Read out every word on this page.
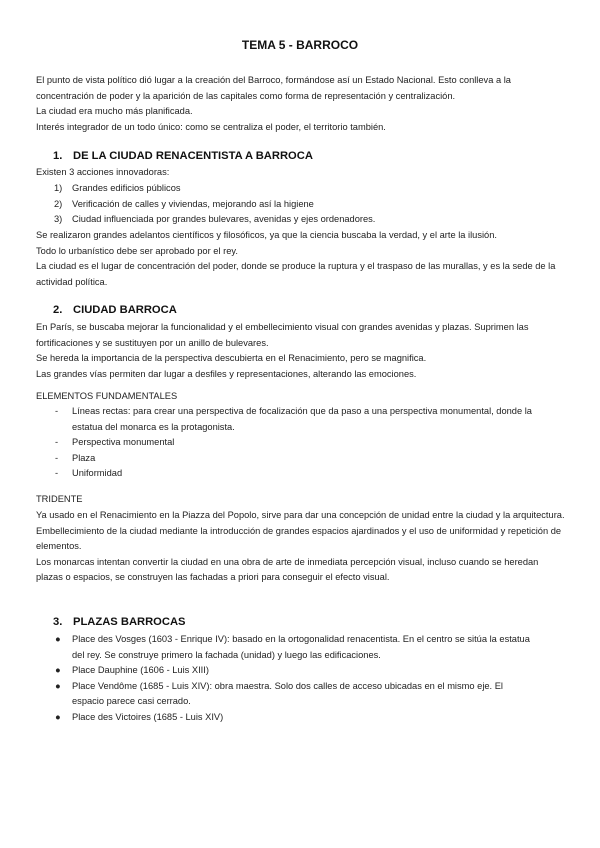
TEMA 5 - BARROCO

El punto de vista político dió lugar a la creación del Barroco, formándose así un Estado Nacional. Esto conlleva a la concentración de poder y la aparición de las capitales como forma de representación y centralización.

La ciudad era mucho más planificada.

Interés integrador de un todo único: como se centraliza el poder, el territorio también.

1. DE LA CIUDAD RENACENTISTA A BARROCA

Existen 3 acciones innovadoras:

1)	Grandes edificios públicos
2)	Verificación de calles y viviendas, mejorando así la higiene
3)	Ciudad influenciada por grandes bulevares, avenidas y ejes ordenadores.

Se realizaron grandes adelantos científicos y filosóficos, ya que la ciencia buscaba la verdad, y el arte la ilusión.

Todo lo urbanístico debe ser aprobado por el rey.

La ciudad es el lugar de concentración del poder, donde se produce la ruptura y el traspaso de las murallas, y es la sede de la actividad política.

2. CIUDAD BARROCA

En París, se buscaba mejorar la funcionalidad y el embellecimiento visual con grandes avenidas y plazas. Suprimen las fortificaciones y se sustituyen por un anillo de bulevares.

Se hereda la importancia de la perspectiva descubierta en el Renacimiento, pero se magnifica.

Las grandes vías permiten dar lugar a desfiles y representaciones, alterando las emociones.

ELEMENTOS FUNDAMENTALES
-	Líneas rectas: para crear una perspectiva de focalización que da paso a una perspectiva monumental, donde la estatua del monarca es la protagonista.
-	Perspectiva monumental
-	Plaza
-	Uniformidad
TRIDENTE

Ya usado en el Renacimiento en la Piazza del Popolo, sirve para dar una concepción de unidad entre la ciudad y la arquitectura.

Embellecimiento de la ciudad mediante la introducción de grandes espacios ajardinados y el uso de uniformidad y repetición de elementos.

Los monarcas intentan convertir la ciudad en una obra de arte de inmediata percepción visual, incluso cuando se heredan plazas o espacios, se construyen las fachadas a priori para conseguir el efecto visual.

3. PLAZAS BARROCAS
●	Place des Vosges (1603 - Enrique IV): basado en la ortogonalidad renacentista. En el centro se sitúa la estatua del rey. Se construye primero la fachada (unidad) y luego las edificaciones.
●	Place Dauphine (1606 - Luis XIII)
●	Place Vendôme (1685 - Luis XIV): obra maestra. Solo dos calles de acceso ubicadas en el mismo eje. El espacio parece casi cerrado.
●	Place des Victoires (1685 - Luis XIV)
